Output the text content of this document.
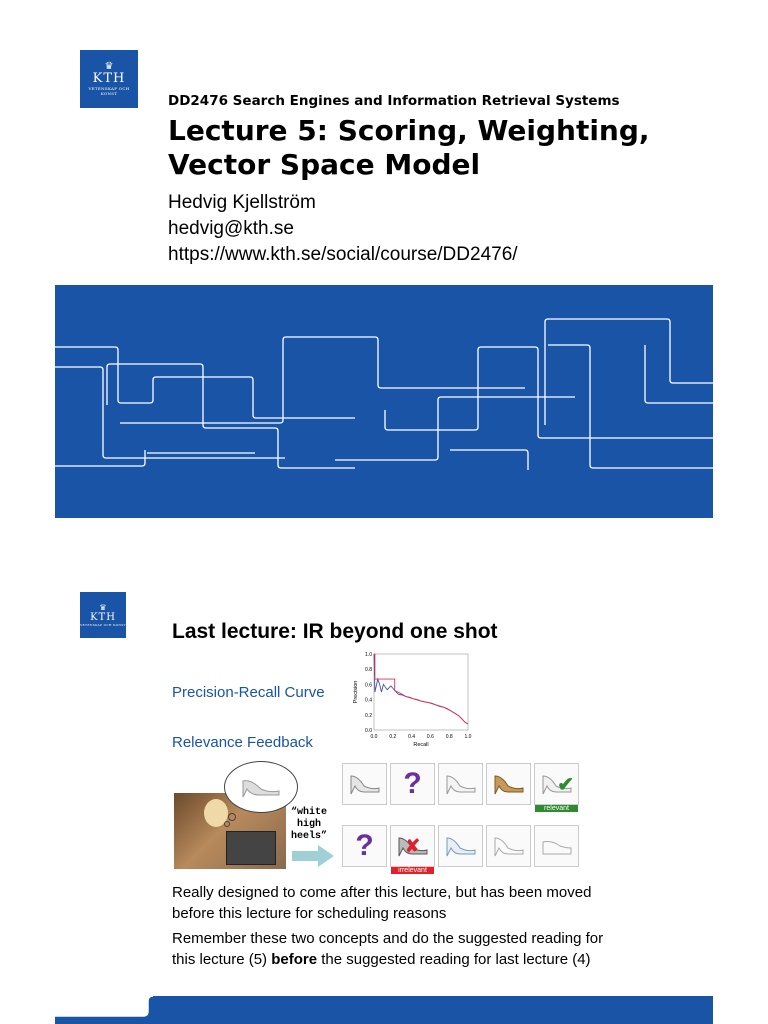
♛
KTH
VETENSKAP OCH KONST	DD2476 Search Engines and Information Retrieval Systems
Lecture 5: Scoring, Weighting,
Vector Space Model
Hedvig Kjellström
hedvig@kth.se
https://www.kth.se/social/course/DD2476/
♛
KTH
VETENSKAP OCH KONST Last lecture: IR beyond one shot
Precision-Recall Curve
Relevance Feedback	0.0 0.2 0.4 0.6 0.8 1.0
0.0
0.2
0.4
0.6
0.8
1.0
Recall
Precision
“white
high
heels”
?	✔
relevant
? ✘
irrelevant
Really designed to come after this lecture, but has been moved
before this lecture for scheduling reasons
Remember these two concepts and do the suggested reading for
this lecture (5) before the suggested reading for last lecture (4)
